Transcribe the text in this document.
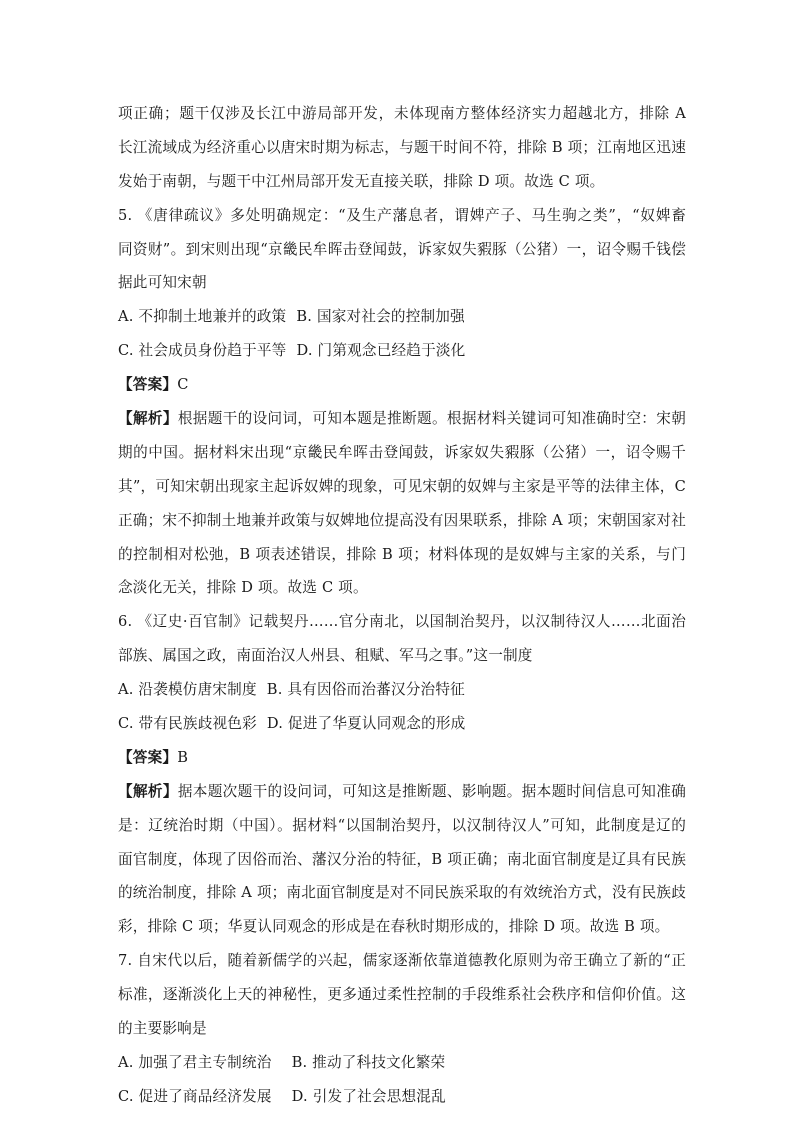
项正确；题干仅涉及长江中游局部开发，未体现南方整体经济实力超越北方，排除 A
长江流域成为经济重心以唐宋时期为标志，与题干时间不符，排除 B 项；江南地区迅速
发始于南朝，与题干中江州局部开发无直接关联，排除 D 项。故选 C 项。
5. 《唐律疏议》多处明确规定：“及生产藩息者，谓婢产子、马生驹之类”，“奴婢畜
同资财”。到宋则出现“京畿民牟晖击登闻鼓，诉家奴失豭豚（公猪）一，诏令赐千钱偿
据此可知宋朝
A. 不抑制土地兼并的政策 B. 国家对社会的控制加强
C. 社会成员身份趋于平等 D. 门第观念已经趋于淡化
【答案】C
【解析】根据题干的设问词，可知本题是推断题。根据材料关键词可知准确时空：宋朝
期的中国。据材料宋出现“京畿民牟晖击登闻鼓，诉家奴失豭豚（公猪）一，诏令赐千
其”，可知宋朝出现家主起诉奴婢的现象，可见宋朝的奴婢与主家是平等的法律主体，C
正确；宋不抑制土地兼并政策与奴婢地位提高没有因果联系，排除 A 项；宋朝国家对社
的控制相对松弛，B 项表述错误，排除 B 项；材料体现的是奴婢与主家的关系，与门
念淡化无关，排除 D 项。故选 C 项。
6. 《辽史·百官制》记载契丹……官分南北，以国制治契丹，以汉制待汉人……北面治
部族、属国之政，南面治汉人州县、租赋、军马之事。”这一制度
A. 沿袭模仿唐宋制度 B. 具有因俗而治蕃汉分治特征
C. 带有民族歧视色彩 D. 促进了华夏认同观念的形成
【答案】B
【解析】据本题次题干的设问词，可知这是推断题、影响题。据本题时间信息可知准确
是：辽统治时期（中国）。据材料“以国制治契丹，以汉制待汉人”可知，此制度是辽的
面官制度，体现了因俗而治、藩汉分治的特征，B 项正确；南北面官制度是辽具有民族
的统治制度，排除 A 项；南北面官制度是对不同民族采取的有效统治方式，没有民族歧
彩，排除 C 项；华夏认同观念的形成是在春秋时期形成的，排除 D 项。故选 B 项。
7. 自宋代以后，随着新儒学的兴起，儒家逐渐依靠道德教化原则为帝王确立了新的“正
标准，逐渐淡化上天的神秘性，更多通过柔性控制的手段维系社会秩序和信仰价值。这
的主要影响是
A. 加强了君主专制统治 B. 推动了科技文化繁荣
C. 促进了商品经济发展 D. 引发了社会思想混乱
